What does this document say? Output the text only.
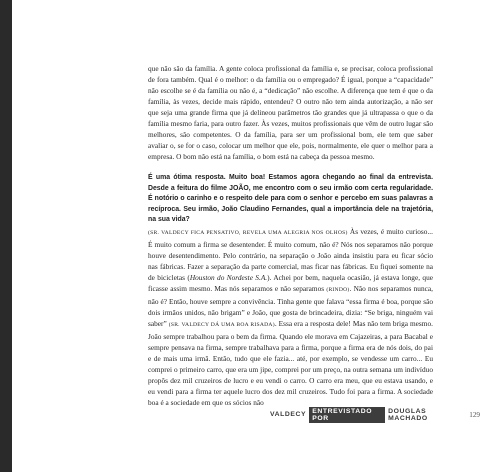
que não são da família. A gente coloca profissional da família e, se precisar, coloca profissional de fora também. Qual é o melhor: o da família ou o empregado? É igual, porque a “capacidade” não escolhe se é da família ou não é, a “dedicação” não escolhe. A diferença que tem é que o da família, às vezes, decide mais rápido, entendeu? O outro não tem ainda autorização, a não ser que seja uma grande firma que já delineou parâmetros tão grandes que já ultrapassa o que o da família mesmo faria, para outro fazer. Às vezes, muitos profissionais que vêm de outro lugar são melhores, são competentes. O da família, para ser um profissional bom, ele tem que saber avaliar o, se for o caso, colocar um melhor que ele, pois, normalmente, ele quer o melhor para a empresa. O bom não está na família, o bom está na cabeça da pessoa mesmo.

É uma ótima resposta. Muito boa! Estamos agora chegando ao final da entrevista. Desde a feitura do filme JOÃO, me encontro com o seu irmão com certa regularidade. É notório o carinho e o respeito dele para com o senhor e percebo em suas palavras a recíproca. Seu irmão, João Claudino Fernandes, qual a importância dele na trajetória, na sua vida?

(SR. VALDECY FICA PENSATIVO, REVELA UMA ALEGRIA NOS OLHOS) Às vezes, é muito curioso... É muito comum a firma se desentender. É muito comum, não é? Nós nos separamos não porque houve desentendimento. Pelo contrário, na separação o João ainda insistiu para eu ficar sócio nas fábricas. Fazer a separação da parte comercial, mas ficar nas fábricas. Eu fiquei somente na de bicicletas (Houston do Nordeste S.A.). Achei por bem, naquela ocasião, já estava longe, que ficasse assim mesmo. Mas nós separamos e não separamos (RINDO). Não nos separamos nunca, não é? Então, houve sempre a convivência. Tinha gente que falava “essa firma é boa, porque são dois irmãos unidos, não brigam” e João, que gosta de brincadeira, dizia: “Se briga, ninguém vai saber” (SR. VALDECY DÁ UMA BOA RISADA). Essa era a resposta dele! Mas não tem briga mesmo. João sempre trabalhou para o bem da firma. Quando ele morava em Cajazeiras, a para Bacabal e sempre pensava na firma, sempre trabalhava para a firma, porque a firma era de nós dois, do pai e de mais uma irmã. Então, tudo que ele fazia... até, por exemplo, se vendesse um carro... Eu comprei o primeiro carro, que era um jipe, comprei por um preço, na outra semana um indivíduo propôs dez mil cruzeiros de lucro e eu vendi o carro. O carro era meu, que eu estava usando, e eu vendi para a firma ter aquele lucro dos dez mil cruzeiros. Tudo foi para a firma. A sociedade boa é a sociedade em que os sócios não

VALDECY ENTREVISTADO POR
DOUGLAS MACHADO	129
